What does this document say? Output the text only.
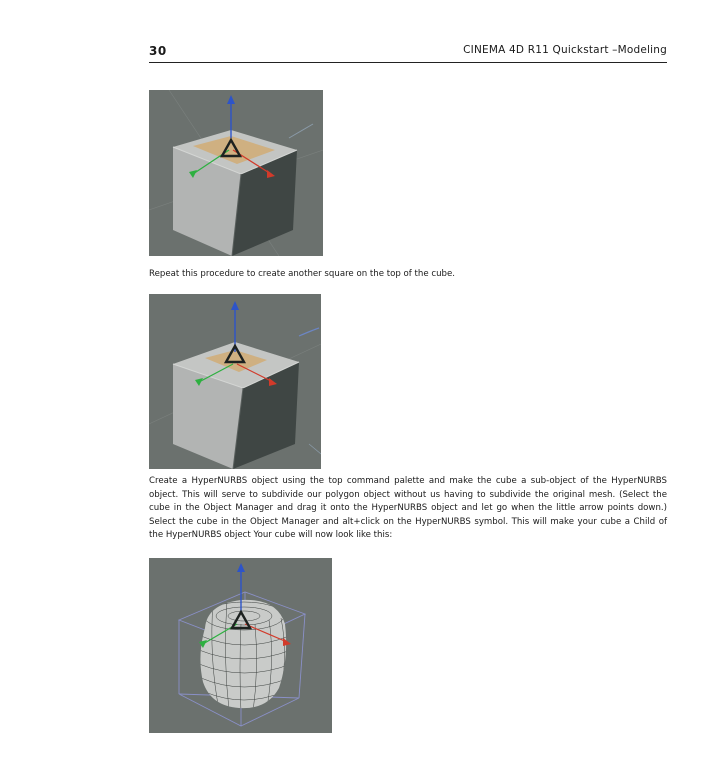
30	CINEMA 4D R11 Quickstart –Modeling

Repeat this procedure to create another square on the top of the cube.

Create a HyperNURBS object using the top command palette and make the cube a sub-object of the HyperNURBS object. This will serve to subdivide our polygon object without us having to subdivide the original mesh. (Select the cube in the Object Manager and drag it onto the HyperNURBS object and let go when the little arrow points down.) Select the cube in the Object Manager and alt+click on the HyperNURBS symbol. This will make your cube a Child of the HyperNURBS object Your cube will now look like this:
